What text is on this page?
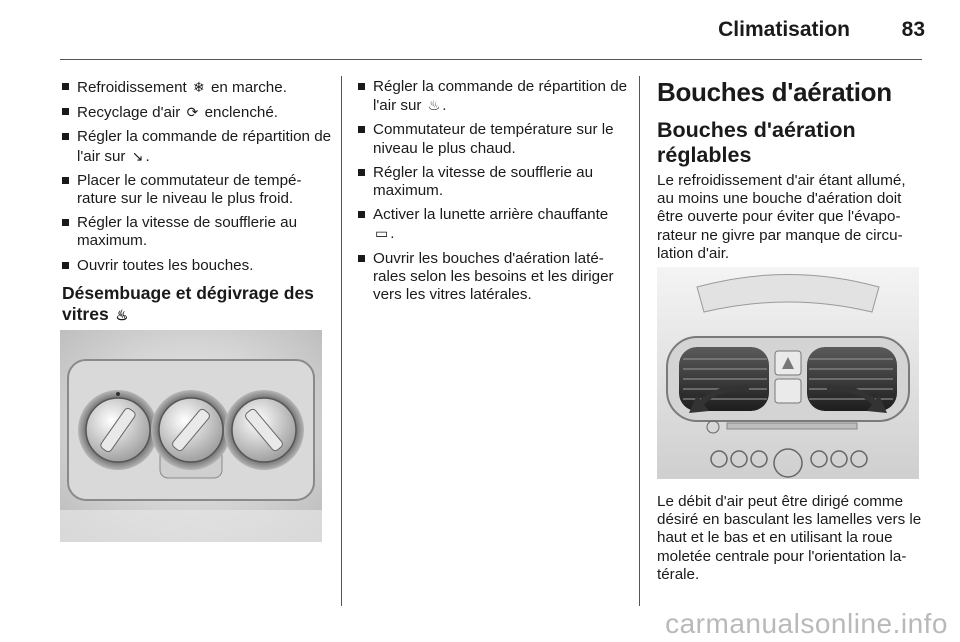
Climatisation	83
Refroidissement ❄ en marche.
Recyclage d'air ⟳ enclenché.
Régler la commande de répartition de l'air sur ↘ .
Placer le commutateur de température sur le niveau le plus froid.
Régler la vitesse de soufflerie au maximum.
Ouvrir toutes les bouches.
Désembuage et dégivrage des vitres ♨
Régler la commande de répartition de l'air sur ♨ .
Commutateur de température sur le niveau le plus chaud.
Régler la vitesse de soufflerie au maximum.
Activer la lunette arrière chauffante ▭ .
Ouvrir les bouches d'aération latérales selon les besoins et les diriger vers les vitres latérales.
Bouches d'aération
Bouches d'aération réglables

Le refroidissement d'air étant allumé, au moins une bouche d'aération doit être ouverte pour éviter que l'évaporateur ne givre par manque de circulation d'air.

Le débit d'air peut être dirigé comme désiré en basculant les lamelles vers le haut et le bas et en utilisant la roue moletée centrale pour l'orientation latérale.

carmanualsonline.info
